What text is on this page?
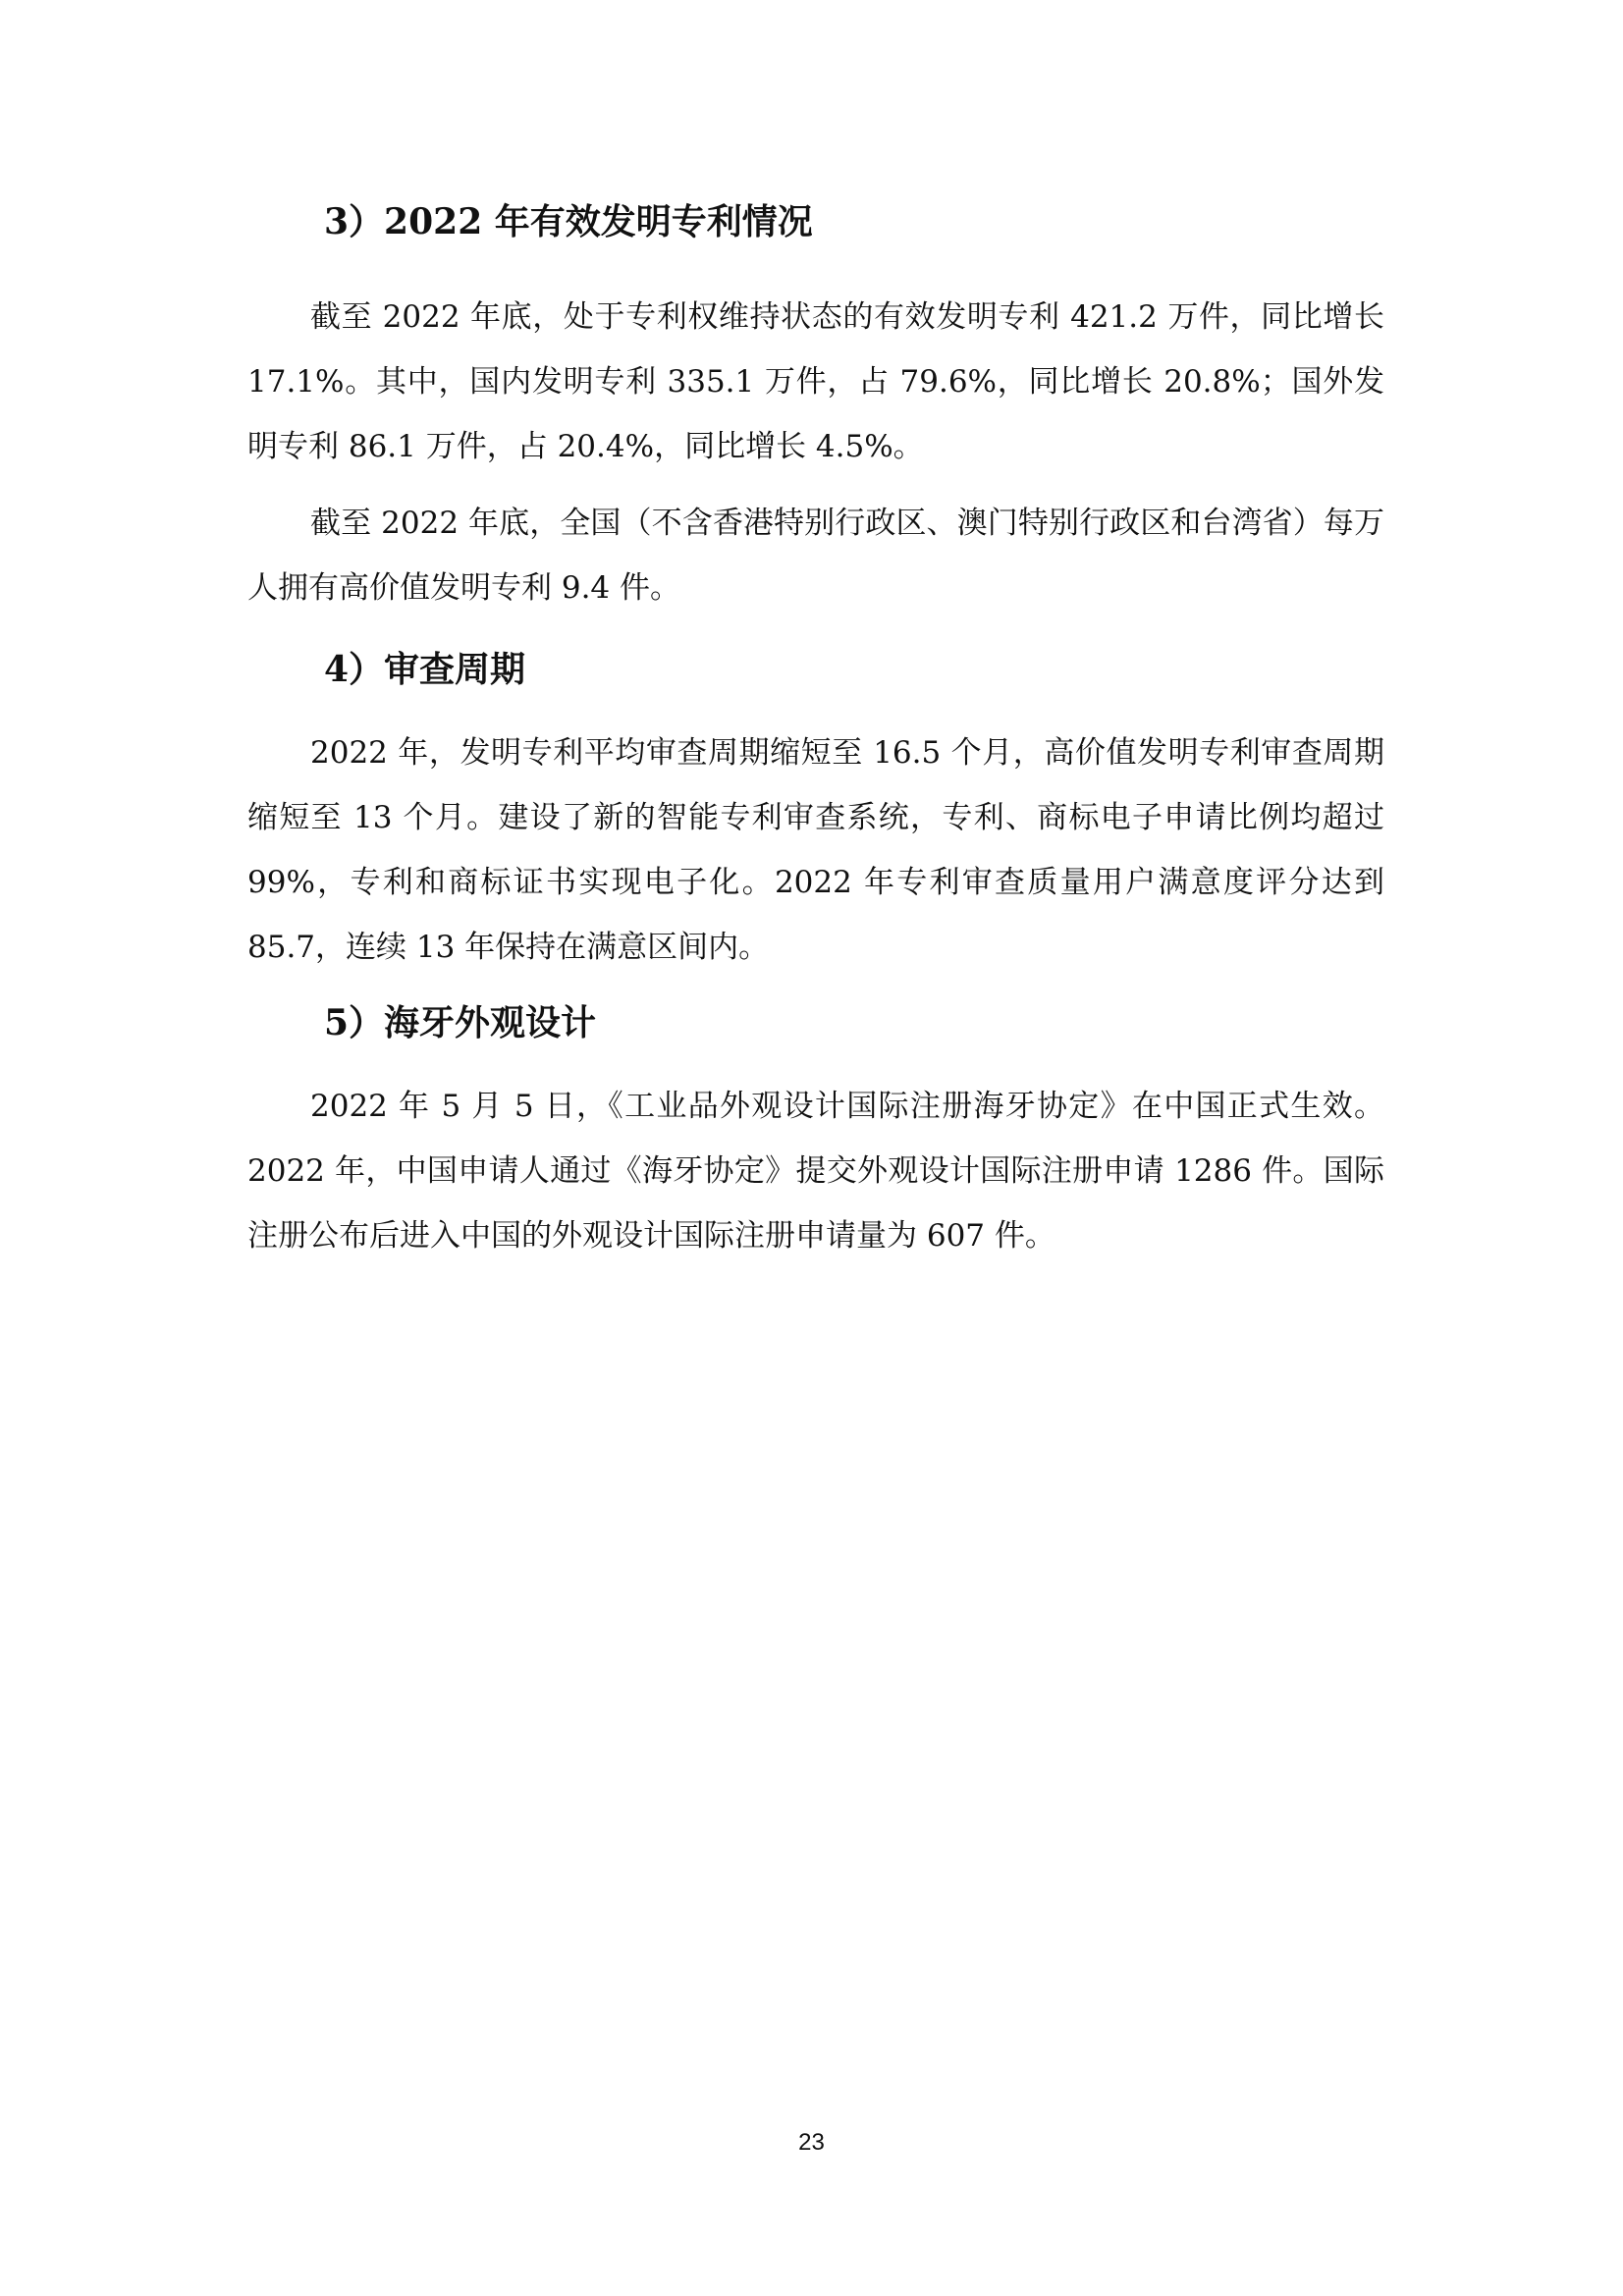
3）2022 年有效发明专利情况

截至 2022 年底，处于专利权维持状态的有效发明专利 421.2 万件，同比增长 17.1%。其中，国内发明专利 335.1 万件，占 79.6%，同比增长 20.8%；国外发明专利 86.1 万件，占 20.4%，同比增长 4.5%。

截至 2022 年底，全国（不含香港特别行政区、澳门特别行政区和台湾省）每万人拥有高价值发明专利 9.4 件。

4）审查周期

2022 年，发明专利平均审查周期缩短至 16.5 个月，高价值发明专利审查周期缩短至 13 个月。建设了新的智能专利审查系统，专利、商标电子申请比例均超过 99%，专利和商标证书实现电子化。2022 年专利审查质量用户满意度评分达到 85.7，连续 13 年保持在满意区间内。

5）海牙外观设计

2022 年 5 月 5 日，《工业品外观设计国际注册海牙协定》在中国正式生效。2022 年，中国申请人通过《海牙协定》提交外观设计国际注册申请 1286 件。国际注册公布后进入中国的外观设计国际注册申请量为 607 件。

23
